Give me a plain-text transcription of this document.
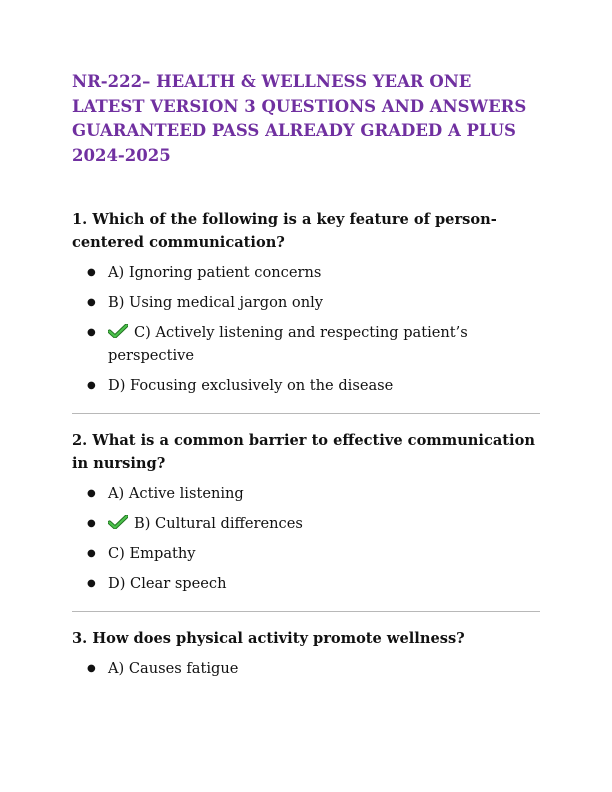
NR-222– HEALTH & WELLNESS YEAR ONE LATEST VERSION 3 QUESTIONS AND ANSWERS GUARANTEED PASS ALREADY GRADED A PLUS 2024-2025

1. Which of the following is a key feature of person-centered communication?

● A) Ignoring patient concerns
● B) Using medical jargon only
●	C) Actively listening and respecting patient’s perspective
● D) Focusing exclusively on the disease

2. What is a common barrier to effective communication in nursing?

● A) Active listening
●	B) Cultural differences
● C) Empathy
● D) Clear speech

3. How does physical activity promote wellness?

● A) Causes fatigue
